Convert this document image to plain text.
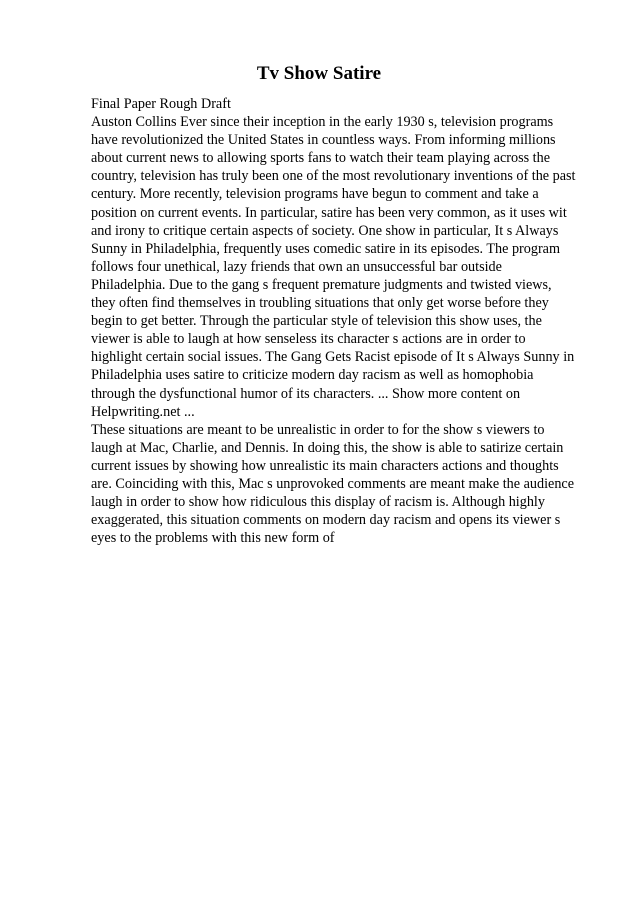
Tv Show Satire
Final Paper Rough Draft
Auston Collins Ever since their inception in the early 1930 s, television programs
have revolutionized the United States in countless ways. From informing millions
about current news to allowing sports fans to watch their team playing across the
country, television has truly been one of the most revolutionary inventions of the past
century. More recently, television programs have begun to comment and take a
position on current events. In particular, satire has been very common, as it uses wit
and irony to critique certain aspects of society. One show in particular, It s Always
Sunny in Philadelphia, frequently uses comedic satire in its episodes. The program
follows four unethical, lazy friends that own an unsuccessful bar outside
Philadelphia. Due to the gang s frequent premature judgments and twisted views,
they often find themselves in troubling situations that only get worse before they
begin to get better. Through the particular style of television this show uses, the
viewer is able to laugh at how senseless its character s actions are in order to
highlight certain social issues. The Gang Gets Racist episode of It s Always Sunny in
Philadelphia uses satire to criticize modern day racism as well as homophobia
through the dysfunctional humor of its characters. ... Show more content on
Helpwriting.net ...
These situations are meant to be unrealistic in order to for the show s viewers to
laugh at Mac, Charlie, and Dennis. In doing this, the show is able to satirize certain
current issues by showing how unrealistic its main characters actions and thoughts
are. Coinciding with this, Mac s unprovoked comments are meant make the audience
laugh in order to show how ridiculous this display of racism is. Although highly
exaggerated, this situation comments on modern day racism and opens its viewer s
eyes to the problems with this new form of
